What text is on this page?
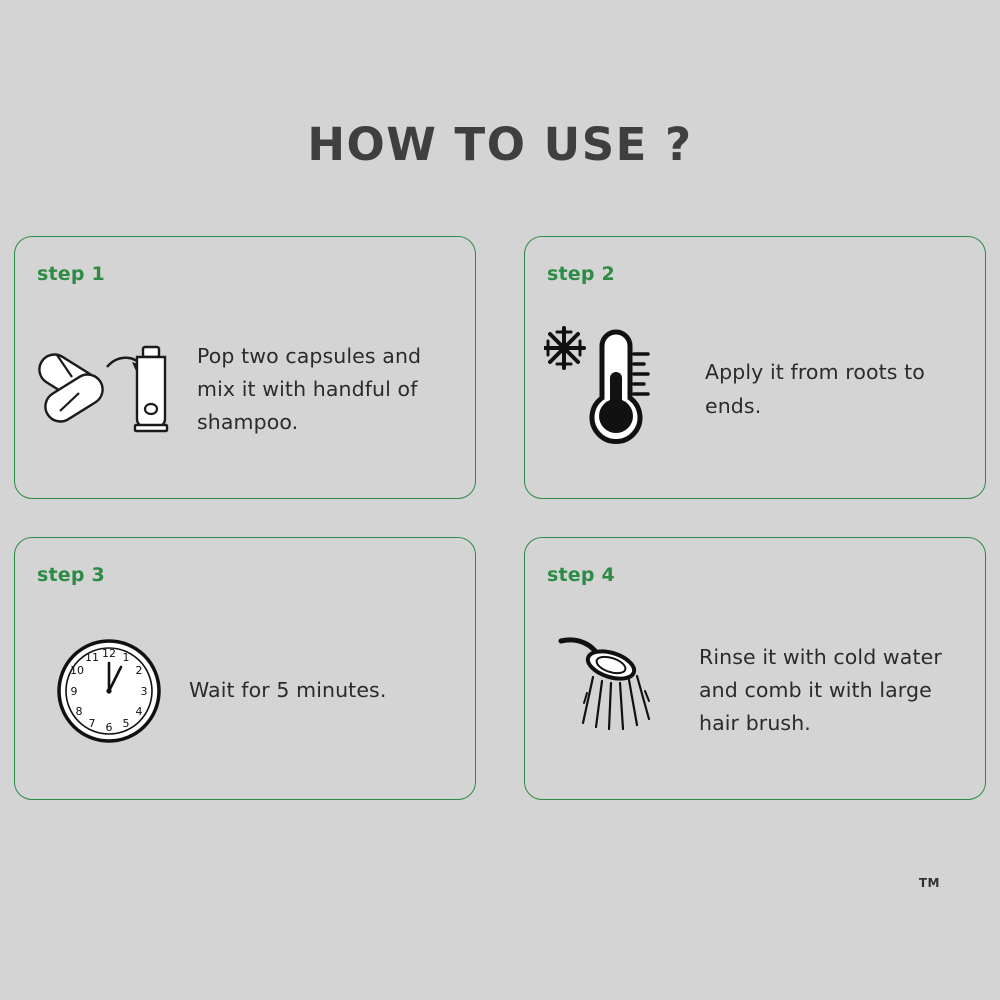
HOW TO USE ?
step 1
Pop two capsules and mix it with handful of shampoo.
step 2
Apply it from roots to ends.
step 3
12 1
2
3
4
5
6
7
8
9
10
11
Wait for 5 minutes.
step 4
Rinse it with cold water and comb it with large hair brush.
TM
